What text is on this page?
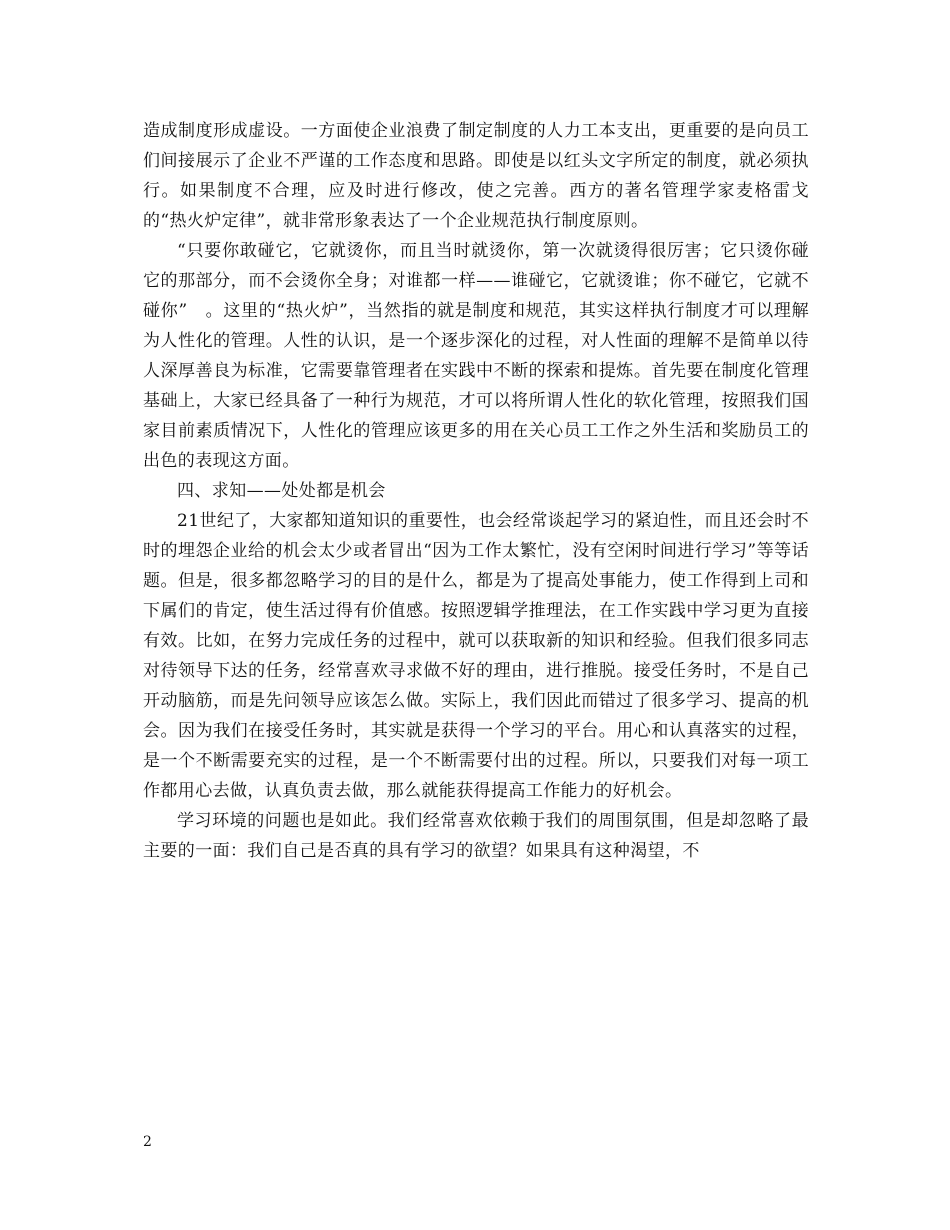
造成制度形成虚设。一方面使企业浪费了制定制度的人力工本支出，更重要的是向员工们间接展示了企业不严谨的工作态度和思路。即使是以红头文字所定的制度，就必须执行。如果制度不合理，应及时进行修改，使之完善。西方的著名管理学家麦格雷戈的“热火炉定律”，就非常形象表达了一个企业规范执行制度原则。

“只要你敢碰它，它就烫你，而且当时就烫你，第一次就烫得很厉害；它只烫你碰它的那部分，而不会烫你全身；对谁都一样——谁碰它，它就烫谁；你不碰它，它就不碰你”　。这里的“热火炉”，当然指的就是制度和规范，其实这样执行制度才可以理解为人性化的管理。人性的认识，是一个逐步深化的过程，对人性面的理解不是简单以待人深厚善良为标准，它需要靠管理者在实践中不断的探索和提炼。首先要在制度化管理基础上，大家已经具备了一种行为规范，才可以将所谓人性化的软化管理，按照我们国家目前素质情况下，人性化的管理应该更多的用在关心员工工作之外生活和奖励员工的出色的表现这方面。

四、求知——处处都是机会

21世纪了，大家都知道知识的重要性，也会经常谈起学习的紧迫性，而且还会时不时的埋怨企业给的机会太少或者冒出“因为工作太繁忙，没有空闲时间进行学习”等等话题。但是，很多都忽略学习的目的是什么，都是为了提高处事能力，使工作得到上司和下属们的肯定，使生活过得有价值感。按照逻辑学推理法，在工作实践中学习更为直接有效。比如，在努力完成任务的过程中，就可以获取新的知识和经验。但我们很多同志对待领导下达的任务，经常喜欢寻求做不好的理由，进行推脱。接受任务时，不是自己开动脑筋，而是先问领导应该怎么做。实际上，我们因此而错过了很多学习、提高的机会。因为我们在接受任务时，其实就是获得一个学习的平台。用心和认真落实的过程，是一个不断需要充实的过程，是一个不断需要付出的过程。所以，只要我们对每一项工作都用心去做，认真负责去做，那么就能获得提高工作能力的好机会。

学习环境的问题也是如此。我们经常喜欢依赖于我们的周围氛围，但是却忽略了最主要的一面：我们自己是否真的具有学习的欲望？如果具有这种渴望，不

2
